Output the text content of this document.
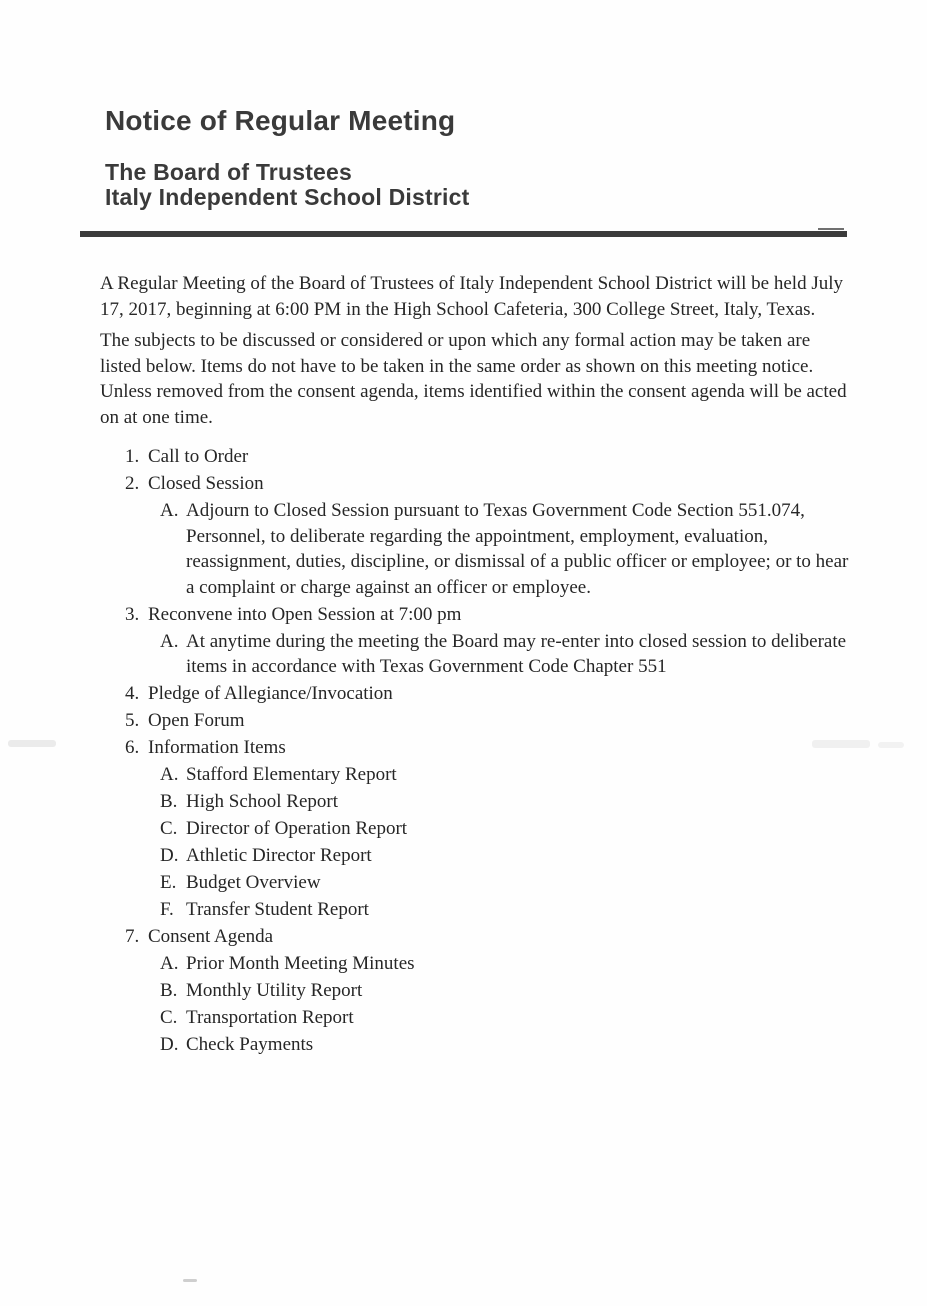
Notice of Regular Meeting
The Board of Trustees
Italy Independent School District

A Regular Meeting of the Board of Trustees of Italy Independent School District will be held July 17, 2017, beginning at 6:00 PM in the High School Cafeteria, 300 College Street, Italy, Texas.

The subjects to be discussed or considered or upon which any formal action may be taken are listed below. Items do not have to be taken in the same order as shown on this meeting notice. Unless removed from the consent agenda, items identified within the consent agenda will be acted on at one time.

1. Call to Order
2. Closed Session
A. Adjourn to Closed Session pursuant to Texas Government Code Section 551.074, Personnel, to deliberate regarding the appointment, employment, evaluation, reassignment, duties, discipline, or dismissal of a public officer or employee; or to hear a complaint or charge against an officer or employee.
3. Reconvene into Open Session at 7:00 pm
A. At anytime during the meeting the Board may re-enter into closed session to deliberate items in accordance with Texas Government Code Chapter 551
4. Pledge of Allegiance/Invocation
5. Open Forum
6. Information Items
A. Stafford Elementary Report
B. High School Report
C. Director of Operation Report
D. Athletic Director Report
E. Budget Overview
F. Transfer Student Report
7. Consent Agenda
A. Prior Month Meeting Minutes
B. Monthly Utility Report
C. Transportation Report
D. Check Payments
